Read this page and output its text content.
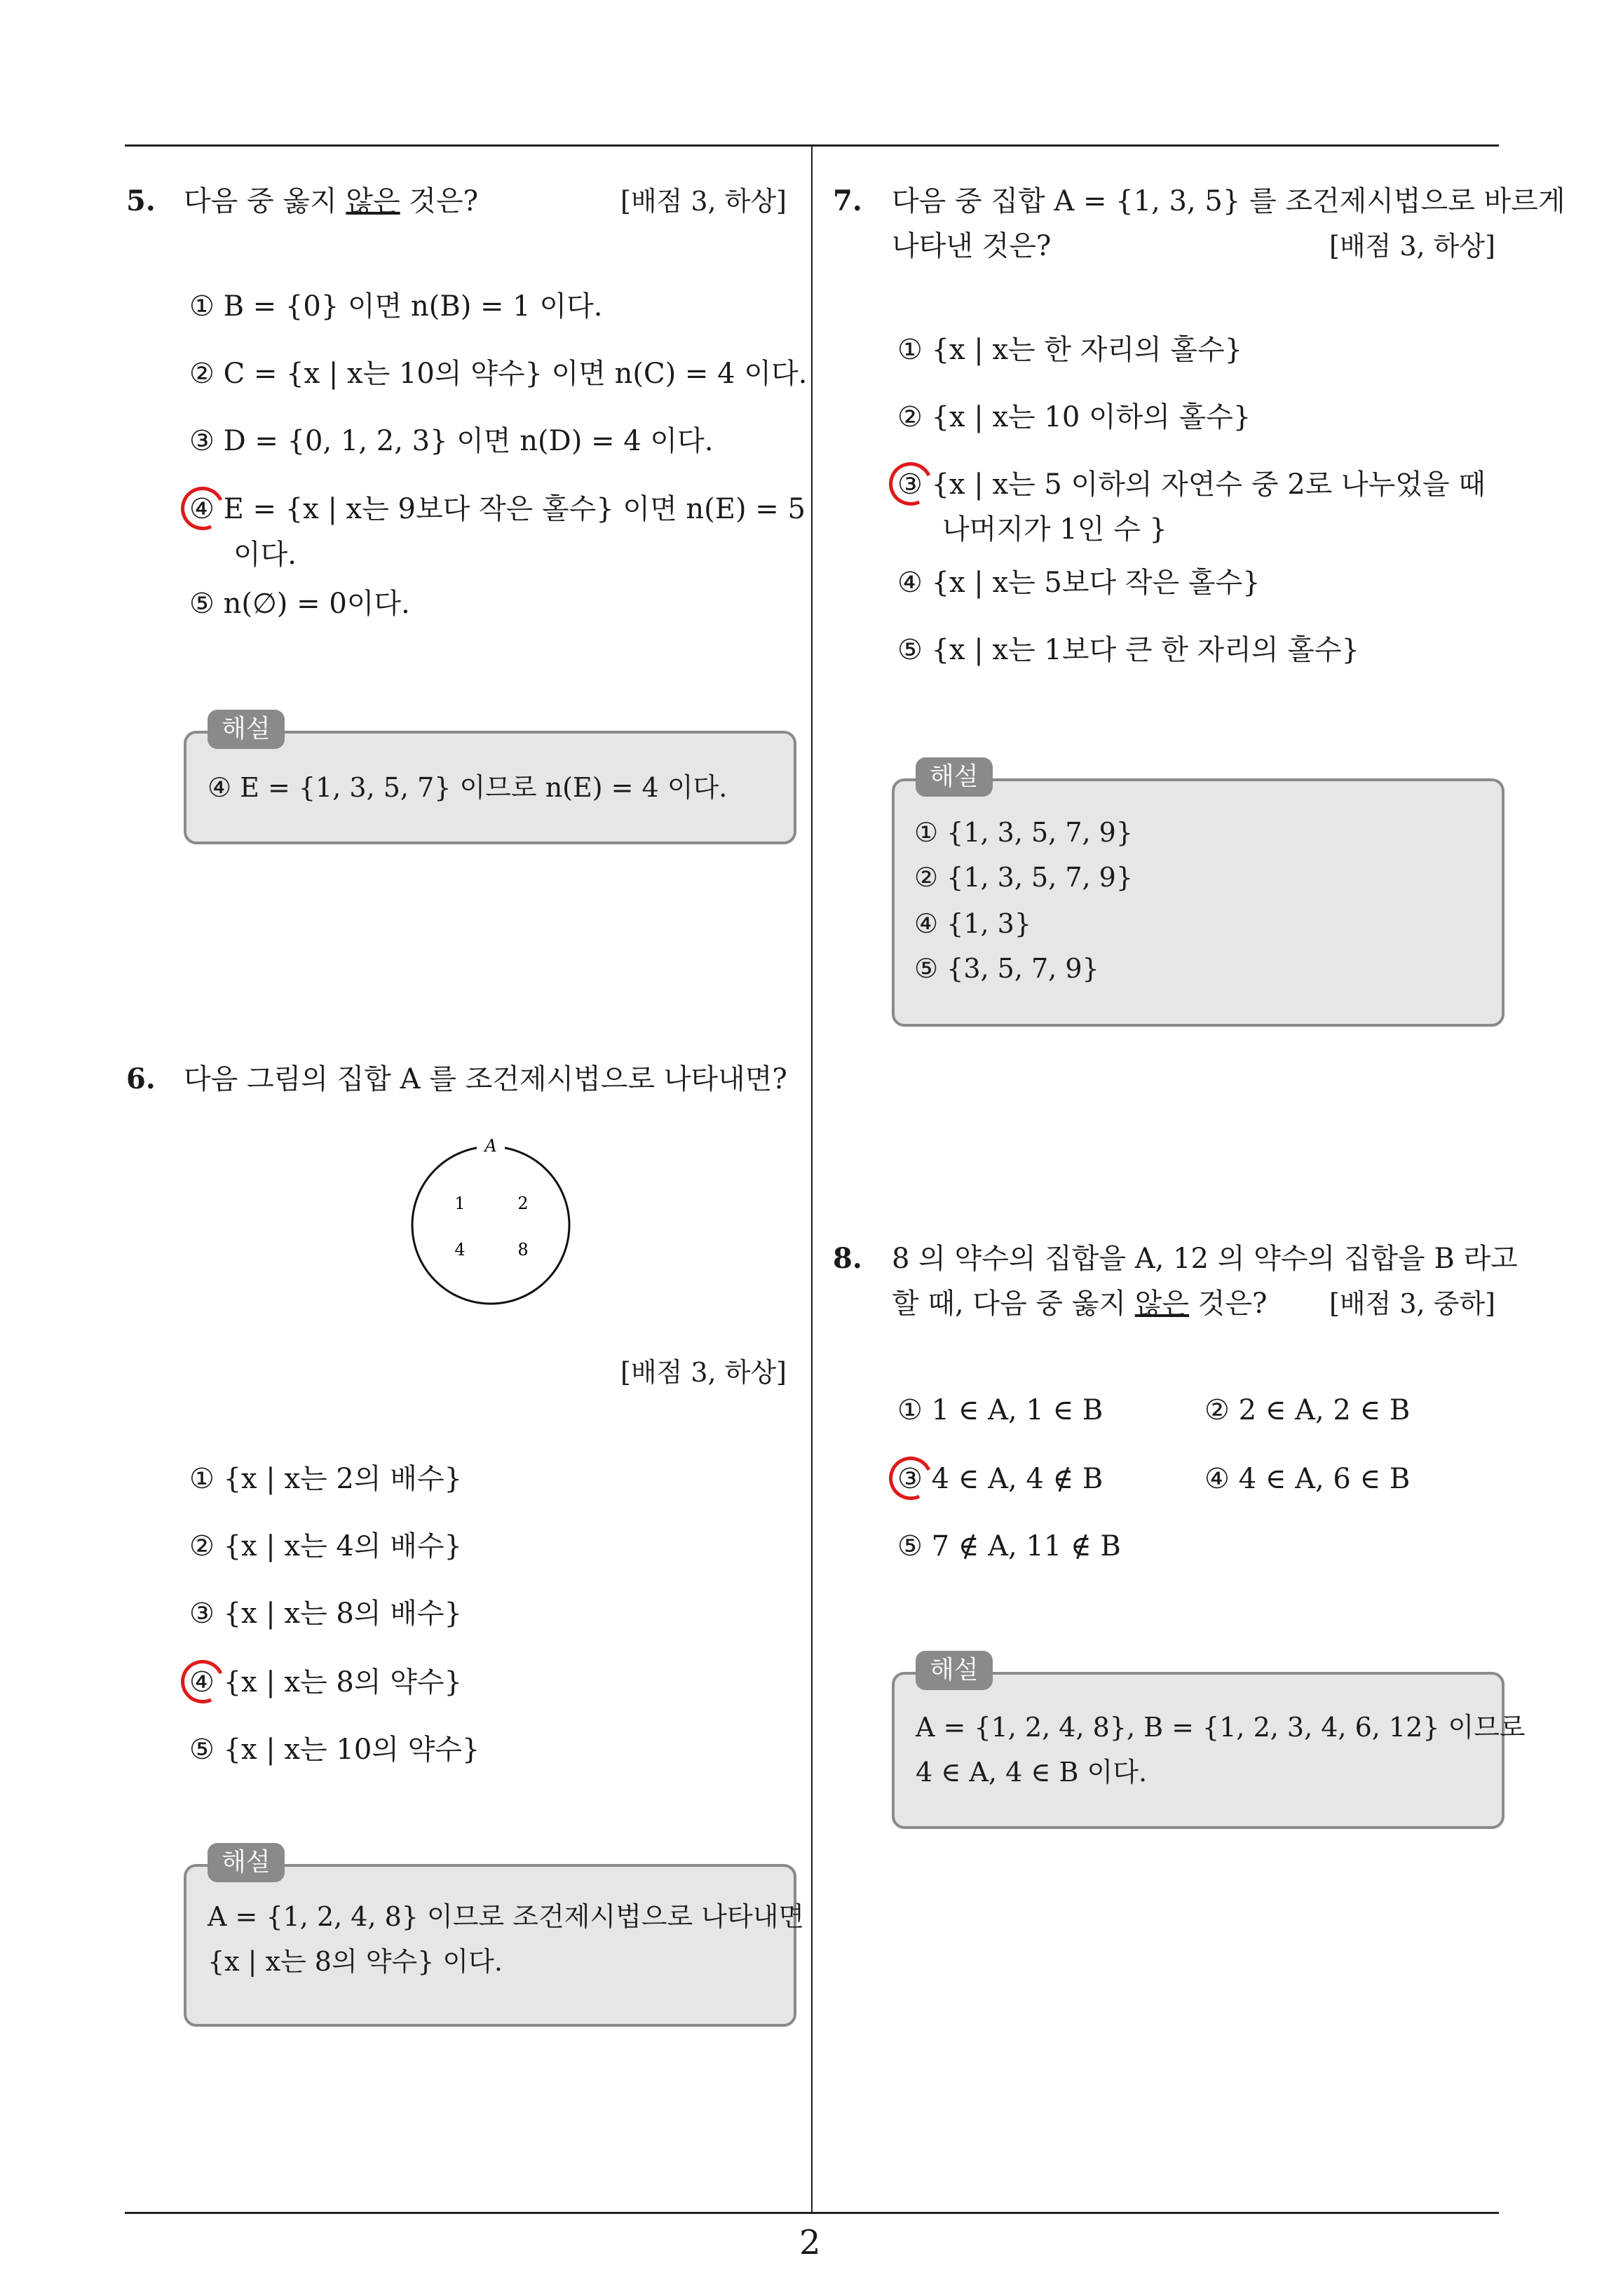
5. 다음 중 옳지 않은 것은?	[배점 3, 하상]
① B = {0} 이면 n(B) = 1 이다.
② C = {x | x는 10의 약수} 이면 n(C) = 4 이다.
③ D = {0, 1, 2, 3} 이면 n(D) = 4 이다.
④ E = {x | x는 9보다 작은 홀수} 이면 n(E) = 5
이다.
⑤ n(∅) = 0이다.
해설
④ E = {1, 3, 5, 7} 이므로 n(E) = 4 이다.
6. 다음 그림의 집합 A 를 조건제시법으로 나타내면?
A
1	2
4	8
[배점 3, 하상]
① {x | x는 2의 배수}
② {x | x는 4의 배수}
③ {x | x는 8의 배수}
④ {x | x는 8의 약수}
⑤ {x | x는 10의 약수}
해설
A = {1, 2, 4, 8} 이므로 조건제시법으로 나타내면
{x | x는 8의 약수} 이다.
7. 다음 중 집합 A = {1, 3, 5} 를 조건제시법으로 바르게
나타낸 것은?	[배점 3, 하상]
① {x | x는 한 자리의 홀수}
② {x | x는 10 이하의 홀수}
③ {x | x는 5 이하의 자연수 중 2로 나누었을 때
나머지가 1인 수 }
④ {x | x는 5보다 작은 홀수}
⑤ {x | x는 1보다 큰 한 자리의 홀수}
해설
① {1, 3, 5, 7, 9}
② {1, 3, 5, 7, 9}
④ {1, 3}
⑤ {3, 5, 7, 9}
8. 8 의 약수의 집합을 A, 12 의 약수의 집합을 B 라고
할 때, 다음 중 옳지 않은 것은? [배점 3, 중하]
① 1 ∈ A, 1 ∈ B	② 2 ∈ A, 2 ∈ B
③ 4 ∈ A, 4 ∉ B	④ 4 ∈ A, 6 ∈ B
⑤ 7 ∉ A, 11 ∉ B
해설
A = {1, 2, 4, 8}, B = {1, 2, 3, 4, 6, 12} 이므로
4 ∈ A, 4 ∈ B 이다.
2
